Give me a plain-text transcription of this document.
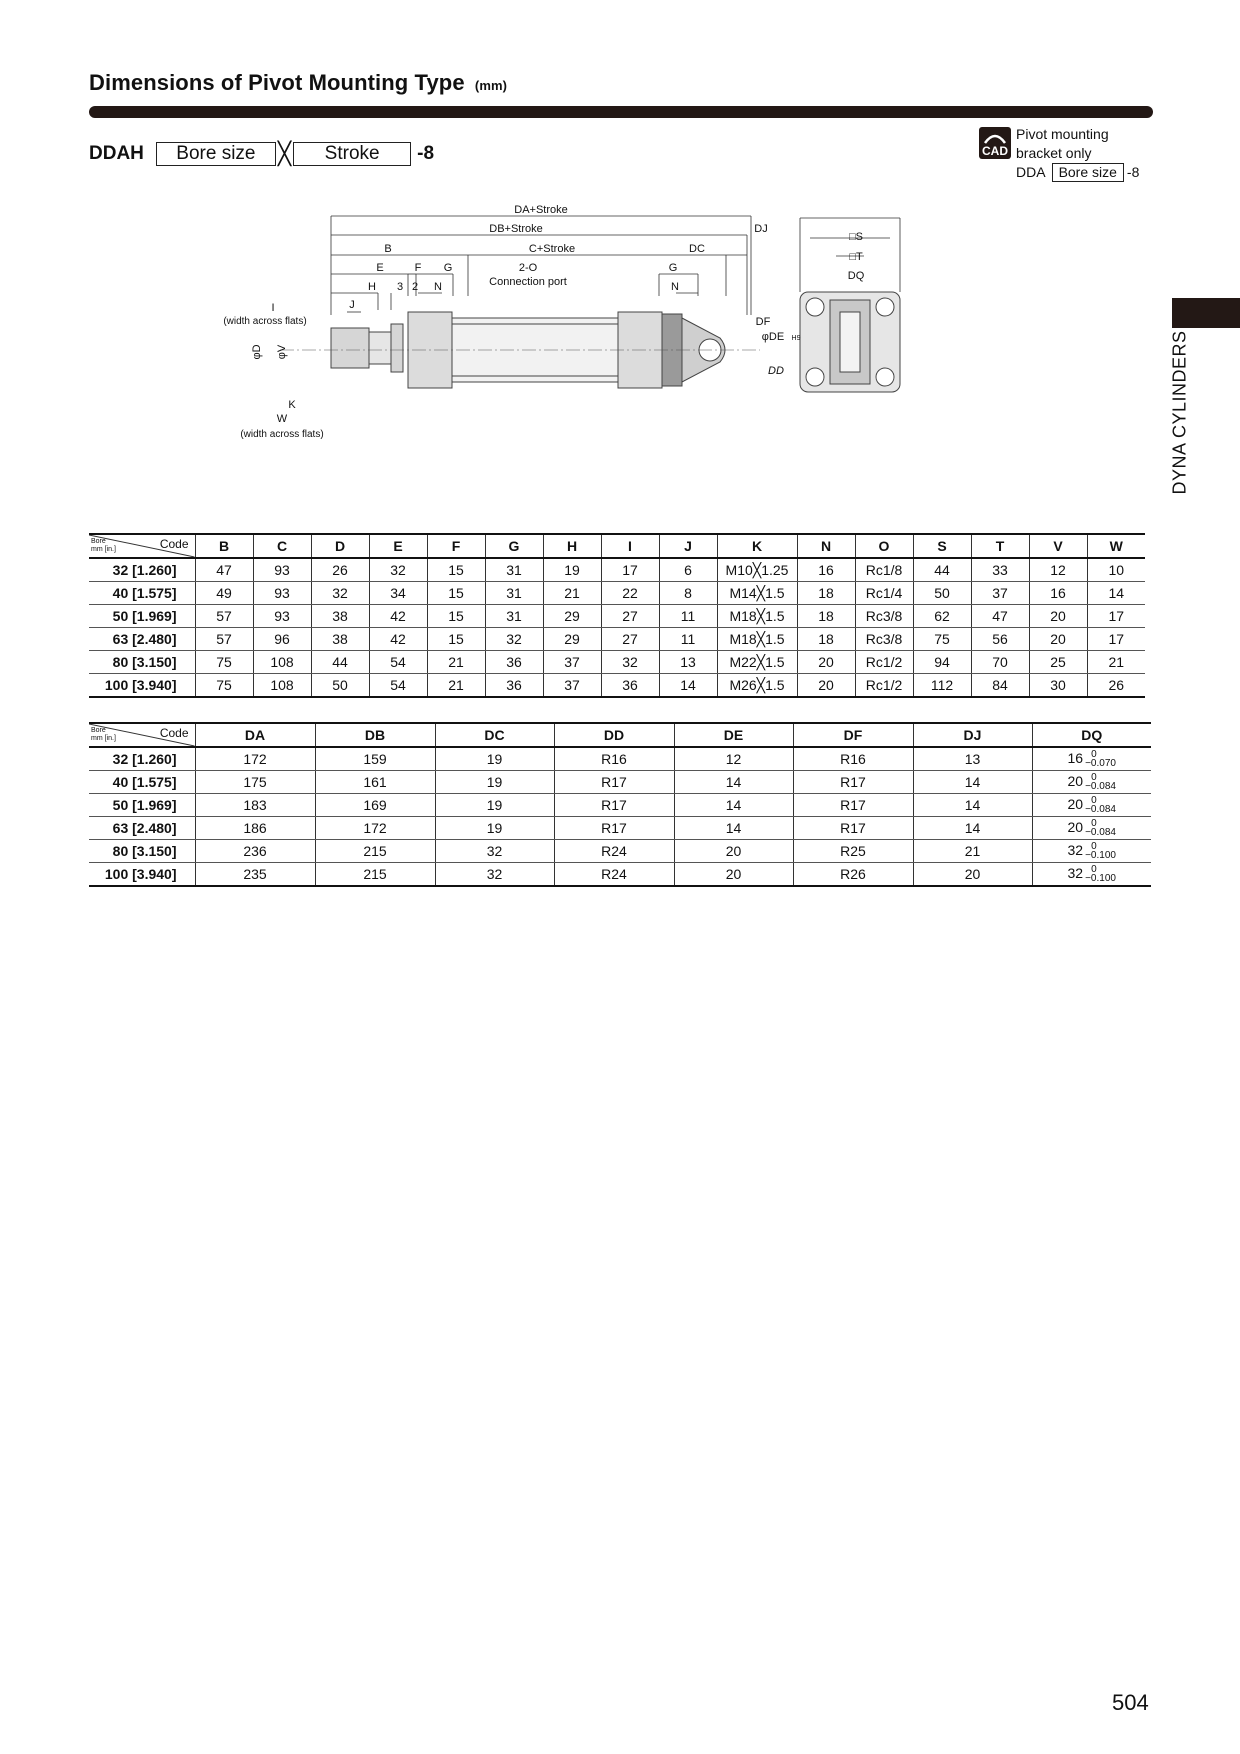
Dimensions of Pivot Mounting Type (mm)
DDAH	Bore size	╳	Stroke	-8	CAD
Pivot mounting
bracket only
DDA Bore size -8
DYNA CYLINDERS
DA+Stroke
DB+Stroke	DJ
B	C+Stroke	DC
E	F G	2-O
Connection port
G
H 3 2 N	N
J
I
(width across flats)	DF
φDE H9
DD
φD φV
K
W
(width across flats)
□S
□T
DQ
Code
Bore
mm [in.]	B	C	D	E	F	G	H	I	J	K	N	O	S	T	V	W
32 [1.260]	47	93	26	32	15	31	19	17	6	M10╳1.25	16	Rc1/8	44	33	12	10
40 [1.575]	49	93	32	34	15	31	21	22	8	M14╳1.5	18	Rc1/4	50	37	16	14
50 [1.969]	57	93	38	42	15	31	29	27	11	M18╳1.5	18	Rc3/8	62	47	20	17
63 [2.480]	57	96	38	42	15	32	29	27	11	M18╳1.5	18	Rc3/8	75	56	20	17
80 [3.150]	75	108	44	54	21	36	37	32	13	M22╳1.5	20	Rc1/2	94	70	25	21
100 [3.940]	75	108	50	54	21	36	37	36	14	M26╳1.5	20	Rc1/2	112	84	30	26
Code
Bore
mm [in.]	DA	DB	DC	DD	DE	DF	DJ	DQ
32 [1.260]	172	159	19	R16	12	R16	13	16 0
−0.070

40 [1.575]	175	161	19	R17	14	R17	14	20 0
−0.084

50 [1.969]	183	169	19	R17	14	R17	14	20 0
−0.084

63 [2.480]	186	172	19	R17	14	R17	14	20 0
−0.084

80 [3.150]	236	215	32	R24	20	R25	21	32 0
−0.100

100 [3.940]	235	215	32	R24	20	R26	20	32 0
−0.100
504
